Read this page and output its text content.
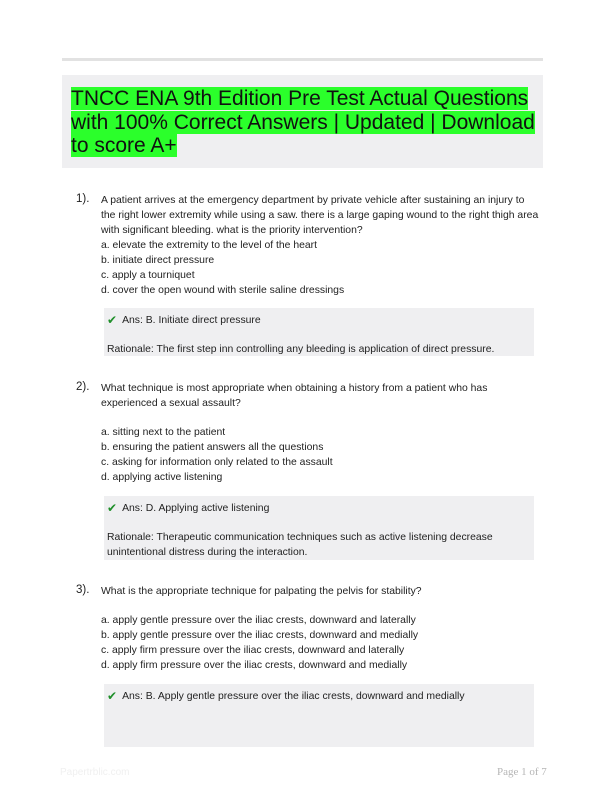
TNCC ENA 9th Edition Pre Test Actual Questions with 100% Correct Answers | Updated | Download to score A+
1). A patient arrives at the emergency department by private vehicle after sustaining an injury to the right lower extremity while using a saw. there is a large gaping wound to the right thigh area with significant bleeding. what is the priority intervention?

a. elevate the extremity to the level of the heart

b. initiate direct pressure

c. apply a tourniquet

d. cover the open wound with sterile saline dressings

✔ Ans: B. Initiate direct pressure
Rationale: The first step inn controlling any bleeding is application of direct pressure.
2). What technique is most appropriate when obtaining a history from a patient who has experienced a sexual assault?

a. sitting next to the patient

b. ensuring the patient answers all the questions

c. asking for information only related to the assault

d. applying active listening

✔ Ans: D. Applying active listening
Rationale: Therapeutic communication techniques such as active listening decrease unintentional distress during the interaction.
3). What is the appropriate technique for palpating the pelvis for stability?

a. apply gentle pressure over the iliac crests, downward and laterally

b. apply gentle pressure over the iliac crests, downward and medially

c. apply firm pressure over the iliac crests, downward and laterally

d. apply firm pressure over the iliac crests, downward and medially

✔ Ans: B. Apply gentle pressure over the iliac crests, downward and medially
Papertrblic.com	Page 1 of 7
